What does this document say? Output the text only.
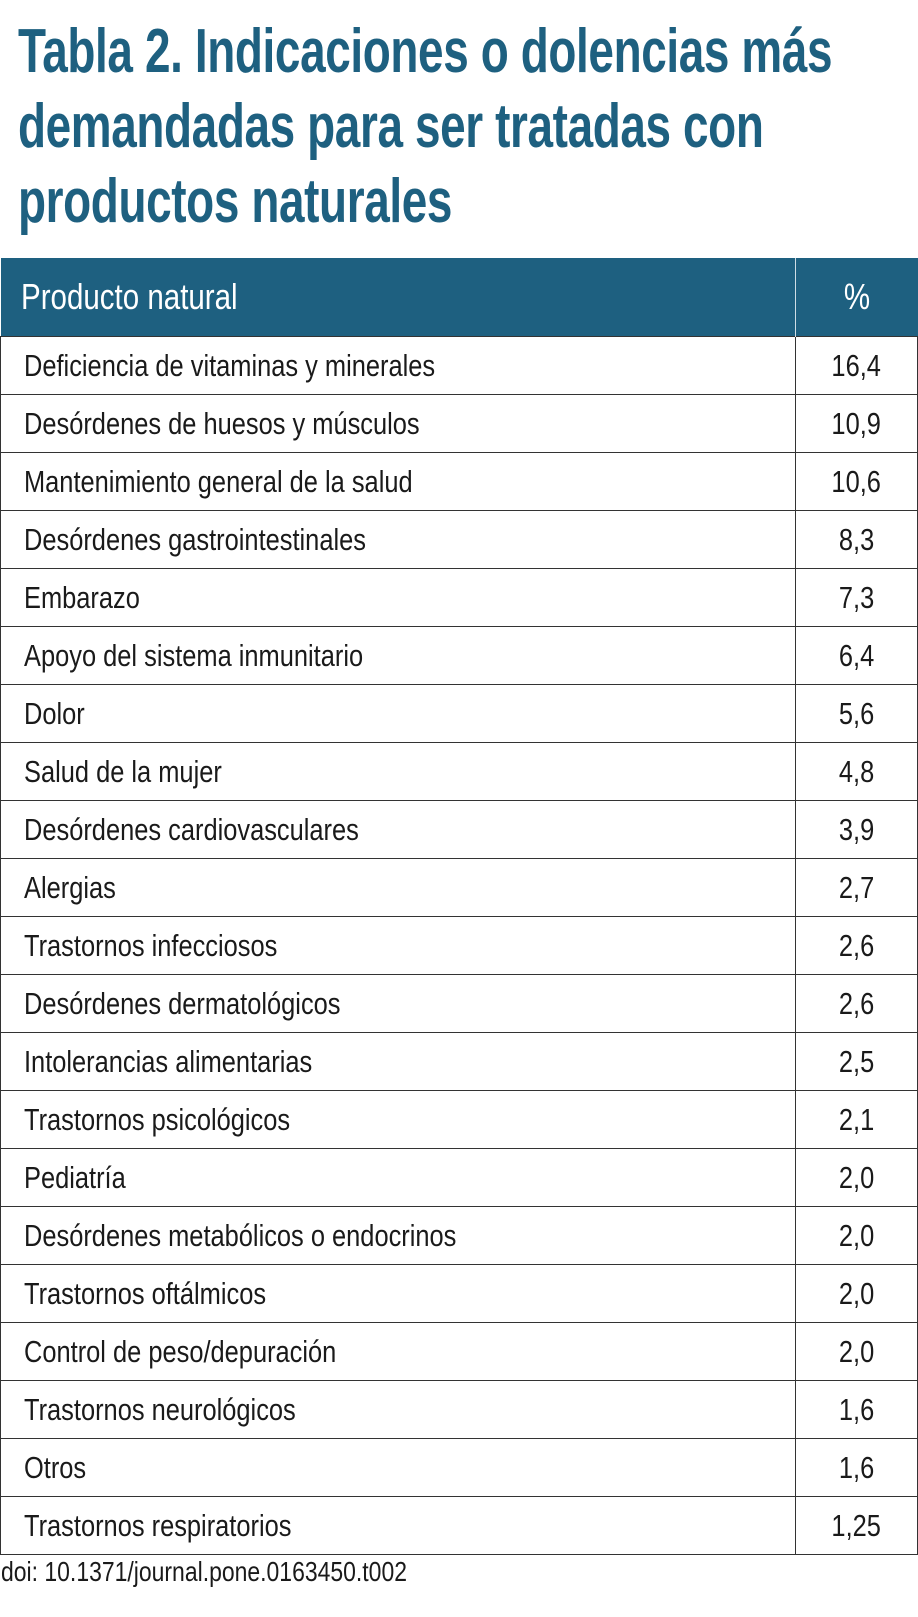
Tabla 2. Indicaciones o dolencias más
demandadas para ser tratadas con
productos naturales
Producto natural	%
Deficiencia de vitaminas y minerales	16,4
Desórdenes de huesos y músculos	10,9
Mantenimiento general de la salud	10,6
Desórdenes gastrointestinales	8,3
Embarazo	7,3
Apoyo del sistema inmunitario	6,4
Dolor	5,6
Salud de la mujer	4,8
Desórdenes cardiovasculares	3,9
Alergias	2,7
Trastornos infecciosos	2,6
Desórdenes dermatológicos	2,6
Intolerancias alimentarias	2,5
Trastornos psicológicos	2,1
Pediatría	2,0
Desórdenes metabólicos o endocrinos	2,0
Trastornos oftálmicos	2,0
Control de peso/depuración	2,0
Trastornos neurológicos	1,6
Otros	1,6
Trastornos respiratorios	1,25

doi: 10.1371/journal.pone.0163450.t002
